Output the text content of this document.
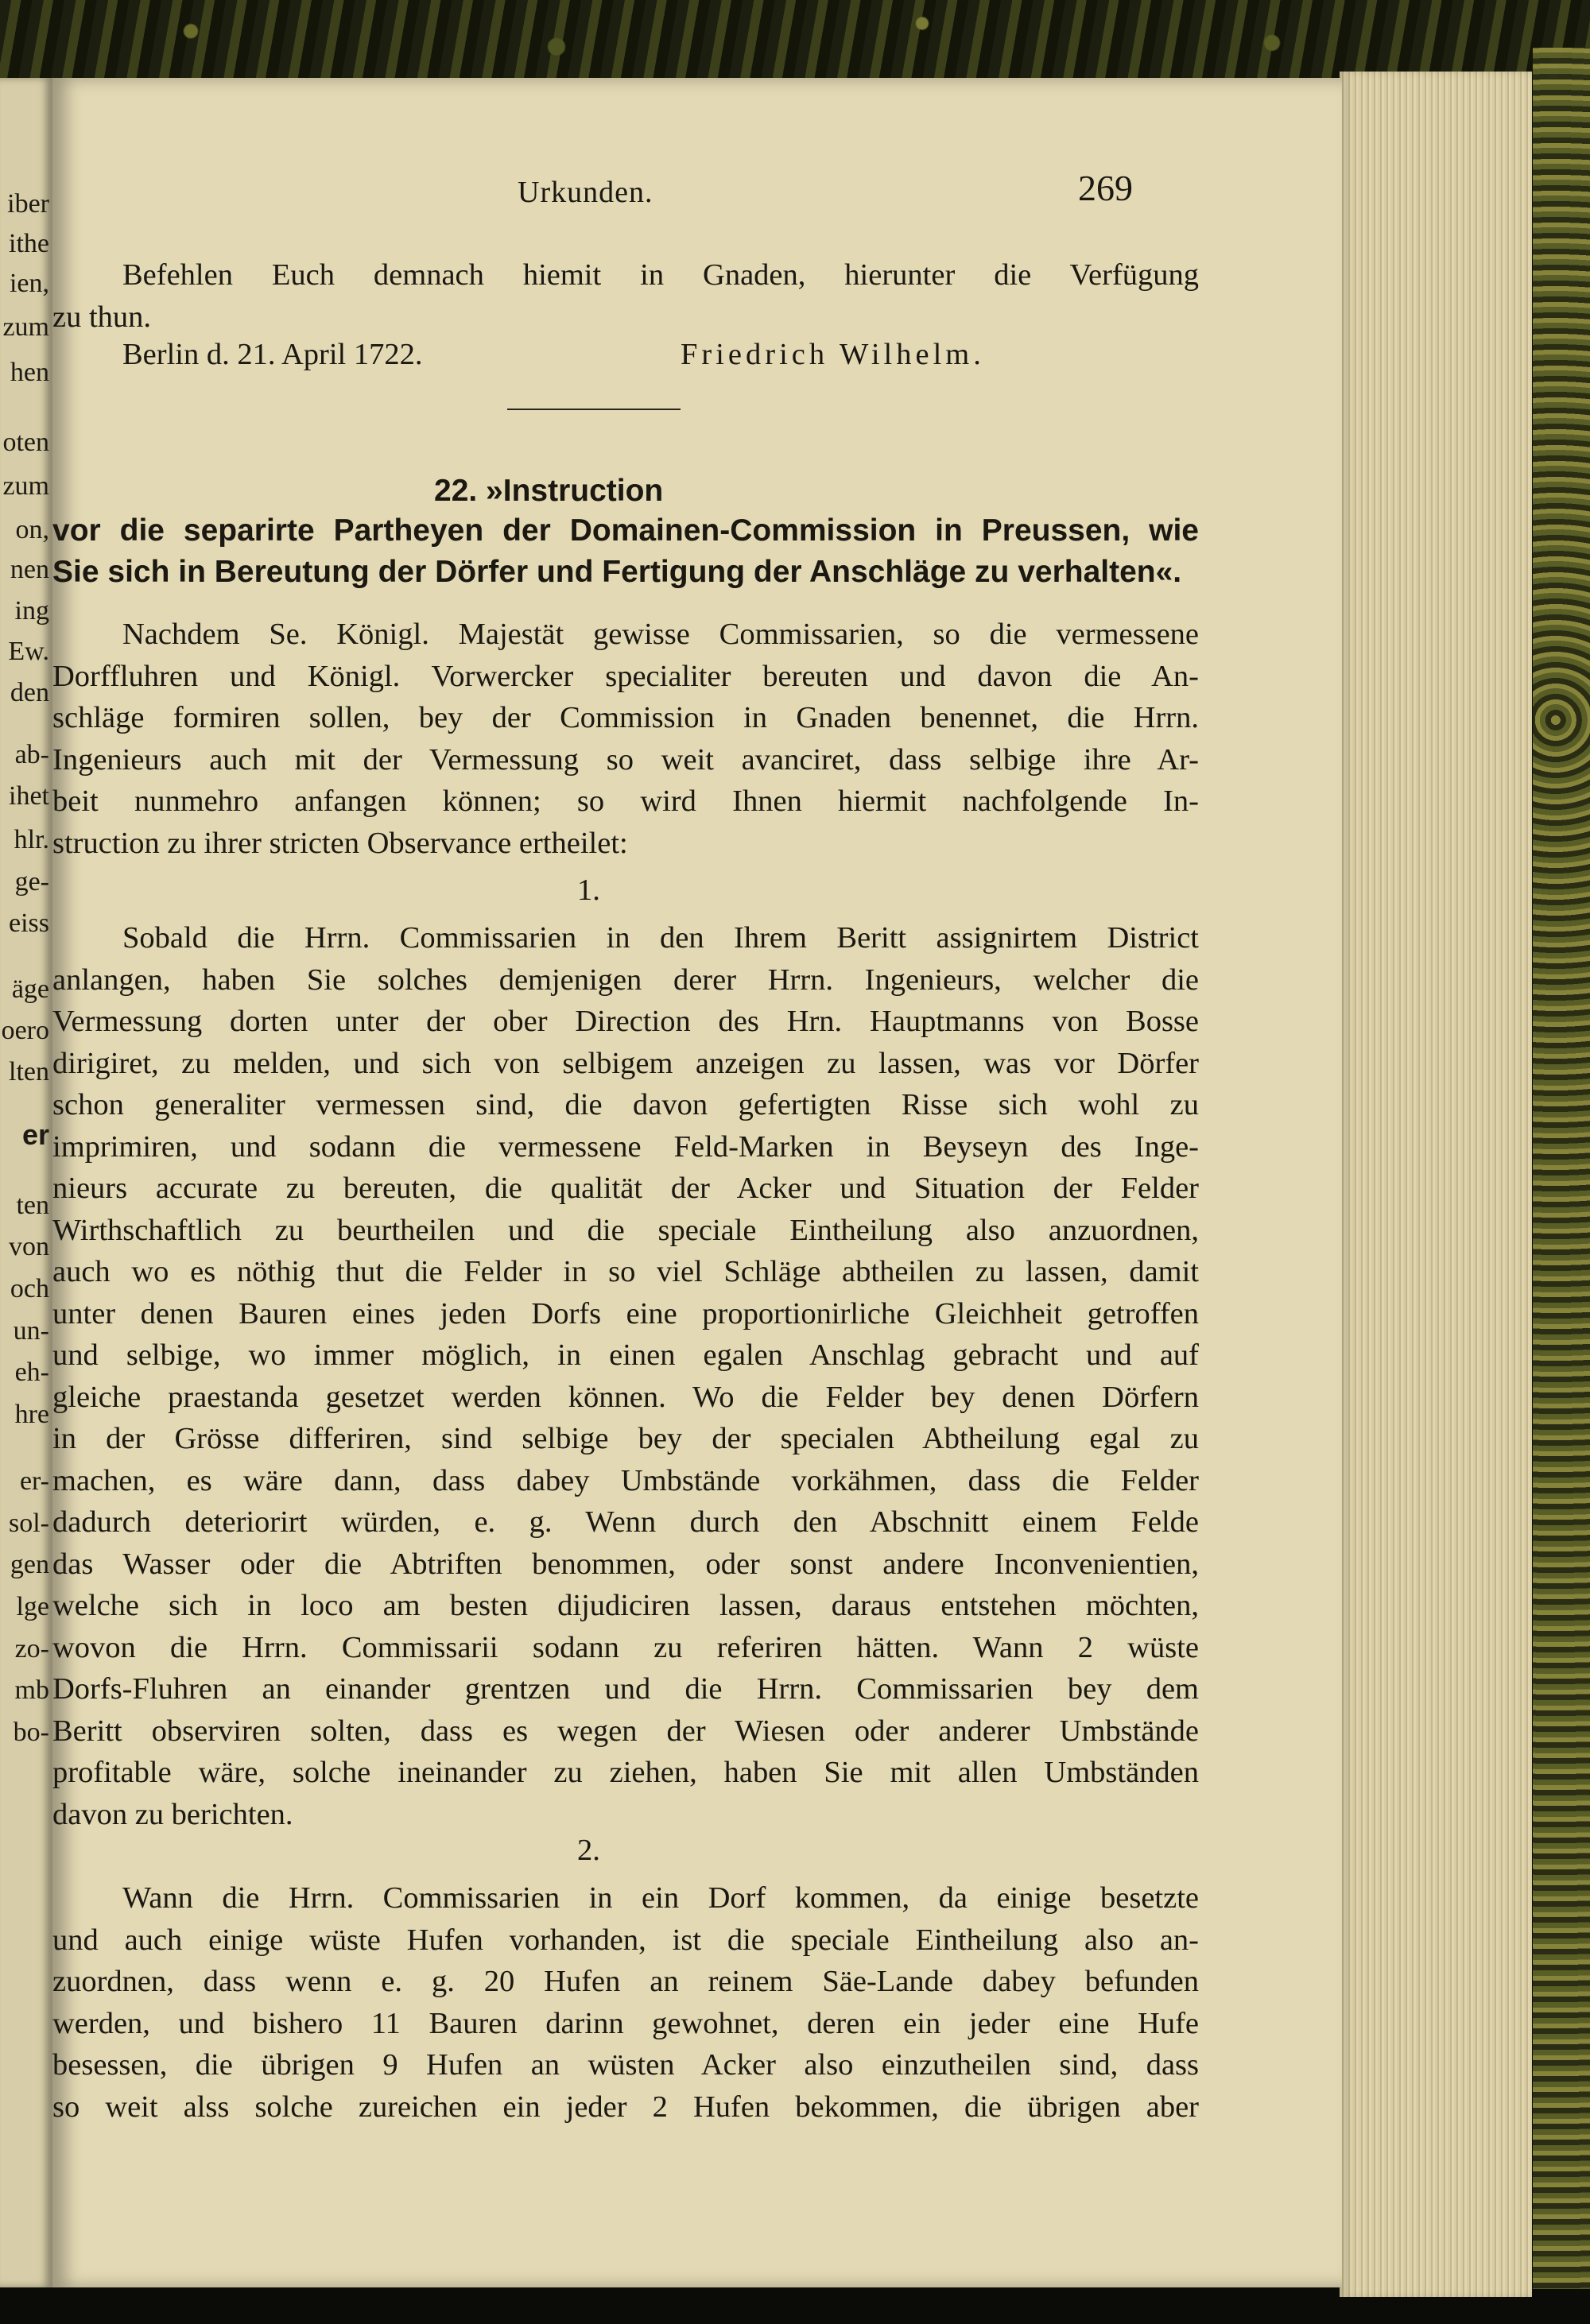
iber
ithe
ien,
zum
hen
oten
zum
on,
nen
ing
Ew.
den
ab-
ihet
hlr.
ge-
eiss
äge
oero
lten
er
ten
von
och
un-
eh-
hre
er-
sol-
gen
lge
zo-
mb
bo-
Urkunden.	269
Befehlen Euch demnach hiemit in Gnaden, hierunter die Verfügung
zu thun.
Berlin d. 21. April 1722.	Friedrich Wilhelm.
22. »Instruction
vor die separirte Partheyen der Domainen-Commission in Preussen, wie
Sie sich in Bereutung der Dörfer und Fertigung der Anschläge zu verhalten«.
Nachdem Se. Königl. Majestät gewisse Commissarien, so die vermessene
Dorffluhren und Königl. Vorwercker specialiter bereuten und davon die An-
schläge formiren sollen, bey der Commission in Gnaden benennet, die Hrrn.
Ingenieurs auch mit der Vermessung so weit avanciret, dass selbige ihre Ar-
beit nunmehro anfangen können; so wird Ihnen hiermit nachfolgende In-
struction zu ihrer stricten Observance ertheilet:
1.
Sobald die Hrrn. Commissarien in den Ihrem Beritt assignirtem District
anlangen, haben Sie solches demjenigen derer Hrrn. Ingenieurs, welcher die
Vermessung dorten unter der ober Direction des Hrn. Hauptmanns von Bosse
dirigiret, zu melden, und sich von selbigem anzeigen zu lassen, was vor Dörfer
schon generaliter vermessen sind, die davon gefertigten Risse sich wohl zu
imprimiren, und sodann die vermessene Feld-Marken in Beyseyn des Inge-
nieurs accurate zu bereuten, die qualität der Acker und Situation der Felder
Wirthschaftlich zu beurtheilen und die speciale Eintheilung also anzuordnen,
auch wo es nöthig thut die Felder in so viel Schläge abtheilen zu lassen, damit
unter denen Bauren eines jeden Dorfs eine proportionirliche Gleichheit getroffen
und selbige, wo immer möglich, in einen egalen Anschlag gebracht und auf
gleiche praestanda gesetzet werden können. Wo die Felder bey denen Dörfern
in der Grösse differiren, sind selbige bey der specialen Abtheilung egal zu
machen, es wäre dann, dass dabey Umbstände vorkähmen, dass die Felder
dadurch deteriorirt würden, e. g. Wenn durch den Abschnitt einem Felde
das Wasser oder die Abtriften benommen, oder sonst andere Inconvenientien,
welche sich in loco am besten dijudiciren lassen, daraus entstehen möchten,
wovon die Hrrn. Commissarii sodann zu referiren hätten. Wann 2 wüste
Dorfs-Fluhren an einander grentzen und die Hrrn. Commissarien bey dem
Beritt observiren solten, dass es wegen der Wiesen oder anderer Umbstände
profitable wäre, solche ineinander zu ziehen, haben Sie mit allen Umbständen
davon zu berichten.
2.
Wann die Hrrn. Commissarien in ein Dorf kommen, da einige besetzte
und auch einige wüste Hufen vorhanden, ist die speciale Eintheilung also an-
zuordnen, dass wenn e. g. 20 Hufen an reinem Säe-Lande dabey befunden
werden, und bishero 11 Bauren darinn gewohnet, deren ein jeder eine Hufe
besessen, die übrigen 9 Hufen an wüsten Acker also einzutheilen sind, dass
so weit alss solche zureichen ein jeder 2 Hufen bekommen, die übrigen aber
